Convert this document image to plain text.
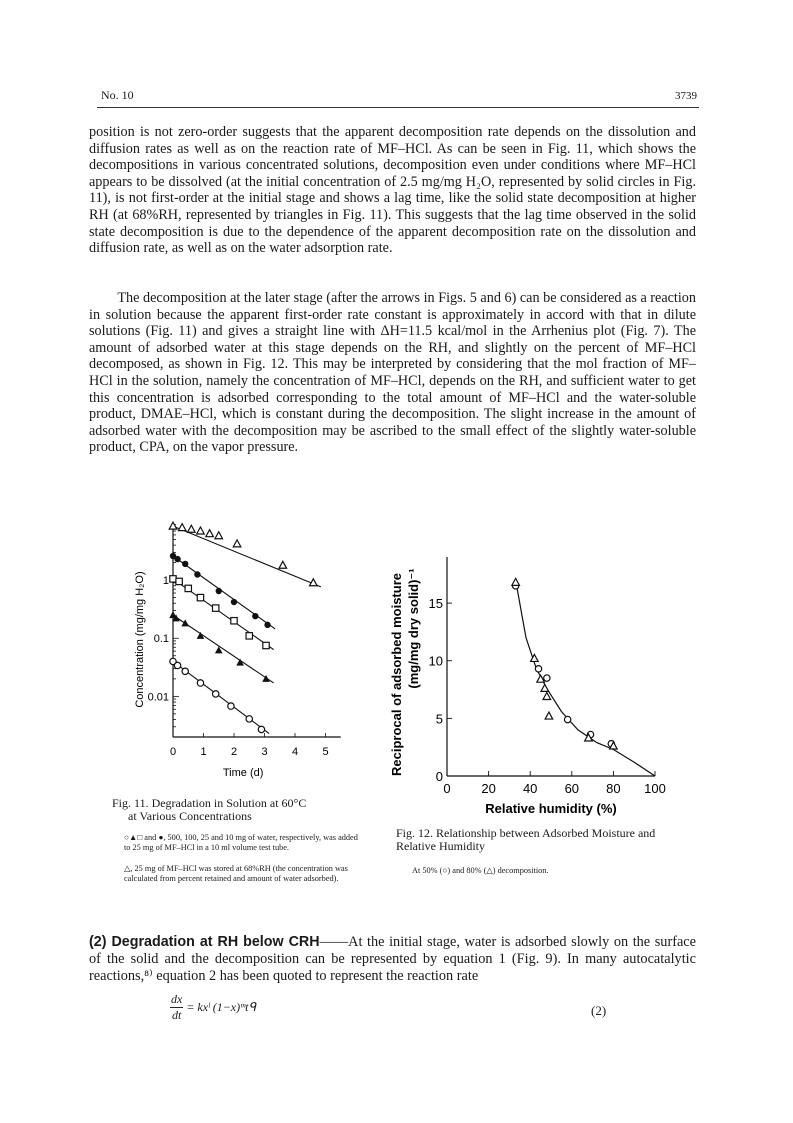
No. 10	3739

position is not zero-order suggests that the apparent decomposition rate depends on the dissolution and diffusion rates as well as on the reaction rate of MF–HCl. As can be seen in Fig. 11, which shows the decompositions in various concentrated solutions, decomposition even under conditions where MF–HCl appears to be dissolved (at the initial concentration of 2.5 mg/mg H₂O, represented by solid circles in Fig. 11), is not first-order at the initial stage and shows a lag time, like the solid state decomposition at higher RH (at 68%RH, represented by triangles in Fig. 11). This suggests that the lag time observed in the solid state decomposition is due to the dependence of the apparent decomposition rate on the dissolution and diffusion rate, as well as on the water adsorption rate.

The decomposition at the later stage (after the arrows in Figs. 5 and 6) can be considered as a reaction in solution because the apparent first-order rate constant is approximately in accord with that in dilute solutions (Fig. 11) and gives a straight line with ΔH=11.5 kcal/mol in the Arrhenius plot (Fig. 7). The amount of adsorbed water at this stage depends on the RH, and slightly on the percent of MF–HCl decomposed, as shown in Fig. 12. This may be interpreted by considering that the mol fraction of MF–HCl in the solution, namely the concentration of MF–HCl, depends on the RH, and sufficient water to get this concentration is adsorbed corresponding to the total amount of MF–HCl and the water-soluble product, DMAE–HCl, which is constant during the decomposition. The slight increase in the amount of adsorbed water with the decomposition may be ascribed to the small effect of the slightly water-soluble product, CPA, on the vapor pressure.

1
0.1
0.01
0 1 2 3 4 5
Time (d)
Concentration (mg/mg H₂O)
Fig. 11. Degradation in Solution at 60°C
at Various Concentrations
○▲□ and ●, 500, 100, 25 and 10 mg of water, respectively, was added to 25 mg of MF–HCl in a 10 ml volume test tube.
△, 25 mg of MF–HCl was stored at 68%RH (the concentration was calculated from percent retained and amount of water adsorbed).
0
5
10
15
0 20 40 60 80 100
Relative humidity (%)
Reciprocal of adsorbed moisture (mg/mg dry solid)⁻¹
Fig. 12. Relationship between Adsorbed Moisture and Relative Humidity
At 50% (○) and 80% (△) decomposition.
(2) Degradation at RH below CRH——At the initial stage, water is adsorbed slowly on the surface of the solid and the decomposition can be represented by equation 1 (Fig. 9). In many autocatalytic reactions,⁸⁾ equation 2 has been quoted to represent the reaction rate
$\frac{dx}{dt}$ = kxˡ (1−x)ᵐtᑫ	(2)
